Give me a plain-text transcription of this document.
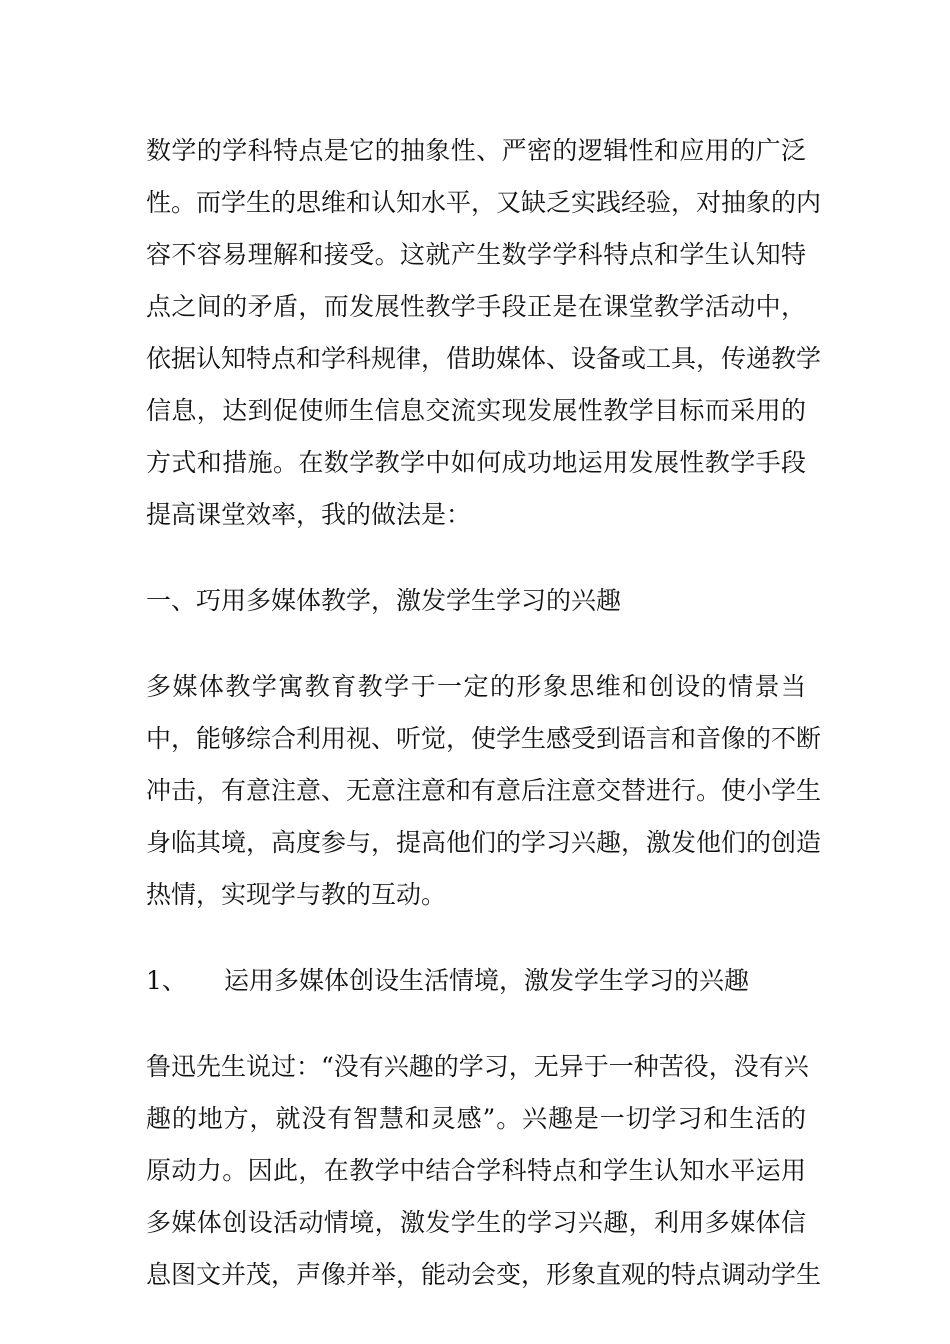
数学的学科特点是它的抽象性、严密的逻辑性和应用的广泛
性。而学生的思维和认知水平，又缺乏实践经验，对抽象的内
容不容易理解和接受。这就产生数学学科特点和学生认知特
点之间的矛盾，而发展性教学手段正是在课堂教学活动中，
依据认知特点和学科规律，借助媒体、设备或工具，传递教学
信息，达到促使师生信息交流实现发展性教学目标而采用的
方式和措施。在数学教学中如何成功地运用发展性教学手段
提高课堂效率，我的做法是：
一、巧用多媒体教学，激发学生学习的兴趣
多媒体教学寓教育教学于一定的形象思维和创设的情景当
中，能够综合利用视、听觉，使学生感受到语言和音像的不断
冲击，有意注意、无意注意和有意后注意交替进行。使小学生
身临其境，高度参与，提高他们的学习兴趣，激发他们的创造
热情，实现学与教的互动。
1、 运用多媒体创设生活情境，激发学生学习的兴趣
鲁迅先生说过：“没有兴趣的学习，无异于一种苦役，没有兴
趣的地方，就没有智慧和灵感”。兴趣是一切学习和生活的
原动力。因此，在教学中结合学科特点和学生认知水平运用
多媒体创设活动情境，激发学生的学习兴趣，利用多媒体信
息图文并茂，声像并举，能动会变，形象直观的特点调动学生
